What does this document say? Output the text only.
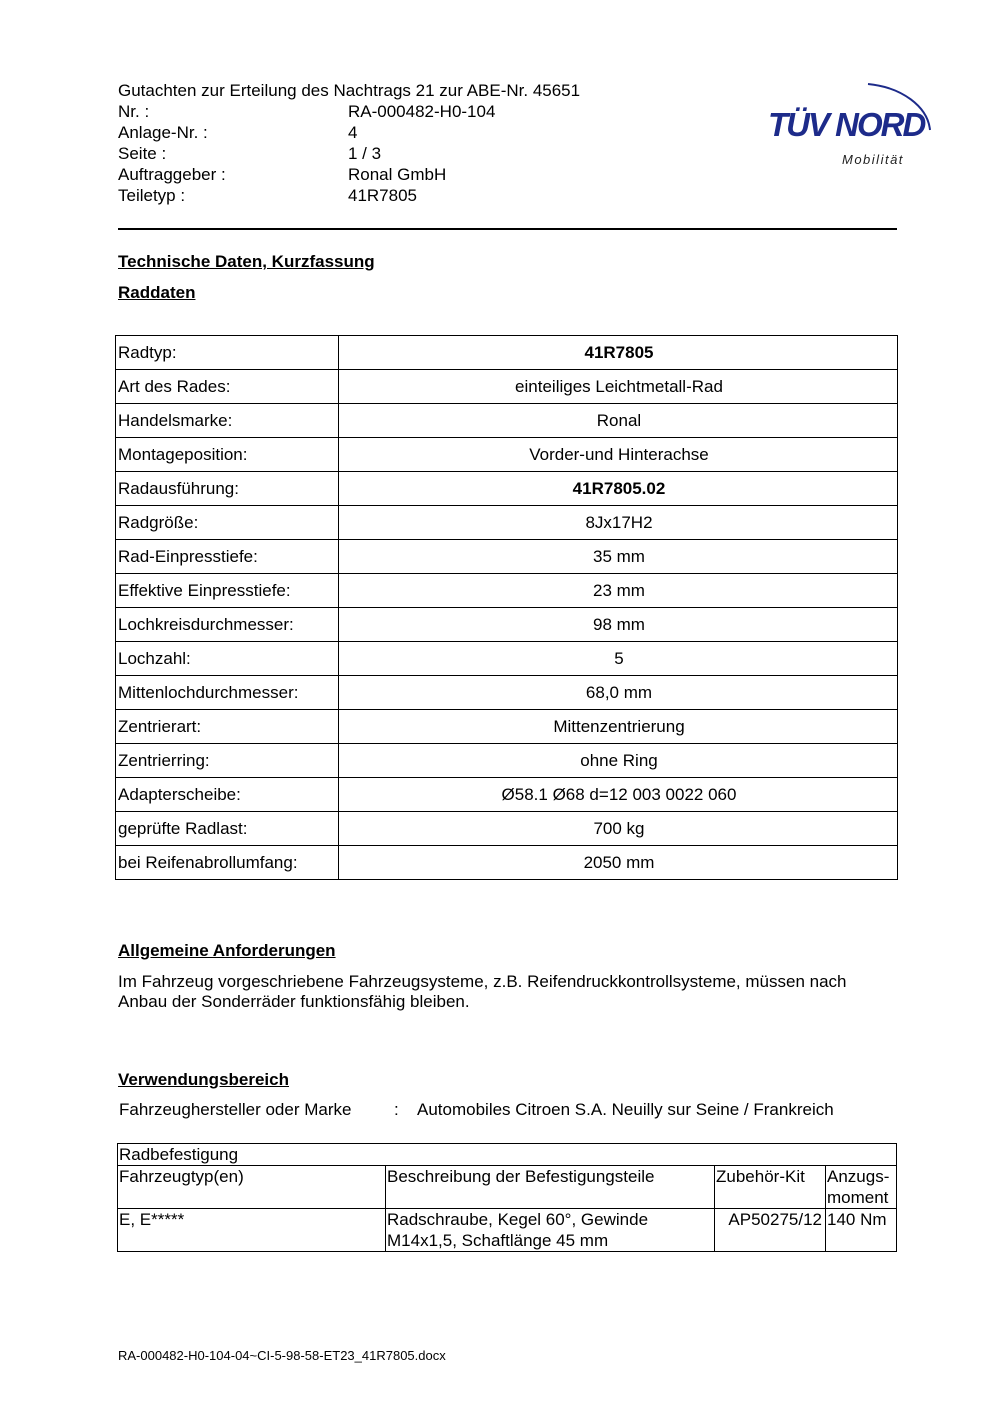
Gutachten zur Erteilung des Nachtrags 21 zur ABE-Nr. 45651
Nr. :	RA-000482-H0-104
Anlage-Nr. :	4
Seite :	1 / 3
Auftraggeber :	Ronal GmbH
Teiletyp :	41R7805
TÜV NORD
Mobilität
Technische Daten, Kurzfassung
Raddaten
Radtyp:	41R7805
Art des Rades:	einteiliges Leichtmetall-Rad
Handelsmarke:	Ronal
Montageposition:	Vorder-und Hinterachse
Radausführung:	41R7805.02
Radgröße:	8Jx17H2
Rad-Einpresstiefe:	35 mm
Effektive Einpresstiefe:	23 mm
Lochkreisdurchmesser:	98 mm
Lochzahl:	5
Mittenlochdurchmesser:	68,0 mm
Zentrierart:	Mittenzentrierung
Zentrierring:	ohne Ring
Adapterscheibe:	Ø58.1 Ø68 d=12 003 0022 060
geprüfte Radlast:	700 kg
bei Reifenabrollumfang:	2050 mm
Allgemeine Anforderungen
Im Fahrzeug vorgeschriebene Fahrzeugsysteme, z.B. Reifendruckkontrollsysteme, müssen nach Anbau der Sonderräder funktionsfähig bleiben.
Verwendungsbereich
Fahrzeughersteller oder Marke	:	Automobiles Citroen S.A. Neuilly sur Seine / Frankreich
Radbefestigung			
Fahrzeugtyp(en)	Beschreibung der Befestigungsteile	Zubehör-Kit	Anzugs-
moment
E, E*****	Radschraube, Kegel 60°, Gewinde M14x1,5, Schaftlänge 45 mm	AP50275/12	140 Nm
RA-000482-H0-104-04~CI-5-98-58-ET23_41R7805.docx
